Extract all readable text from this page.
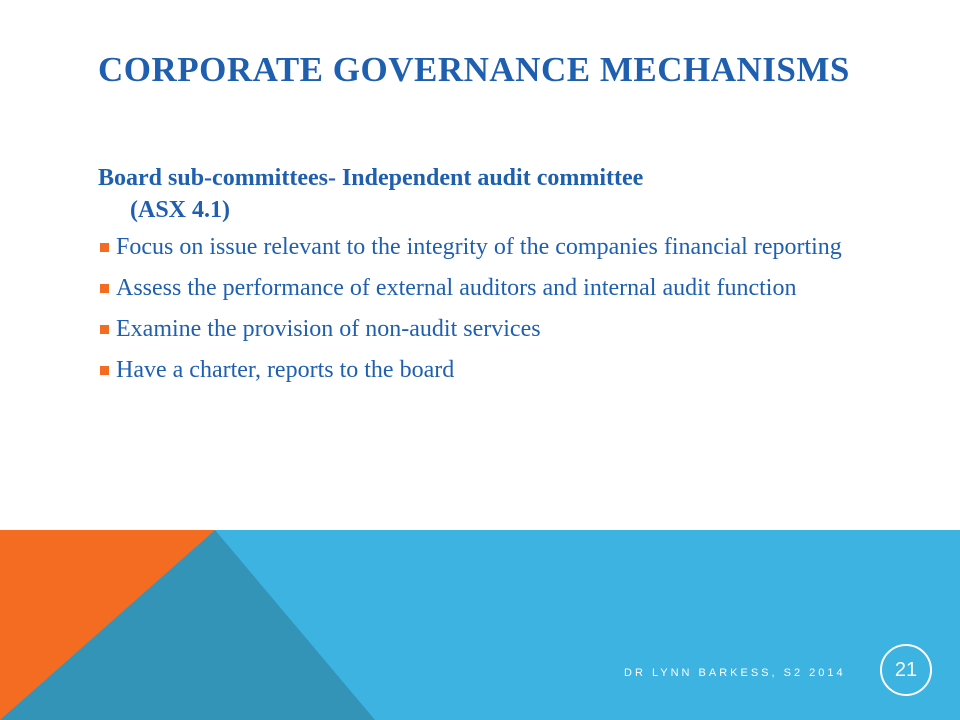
CORPORATE GOVERNANCE MECHANISMS
Board sub-committees- Independent audit committee
(ASX 4.1)
Focus on issue relevant to the integrity of the companies financial reporting
Assess the performance of external auditors and internal audit function
Examine the provision of non-audit services
Have a charter, reports to the board
DR LYNN BARKESS, S2 2014 21
